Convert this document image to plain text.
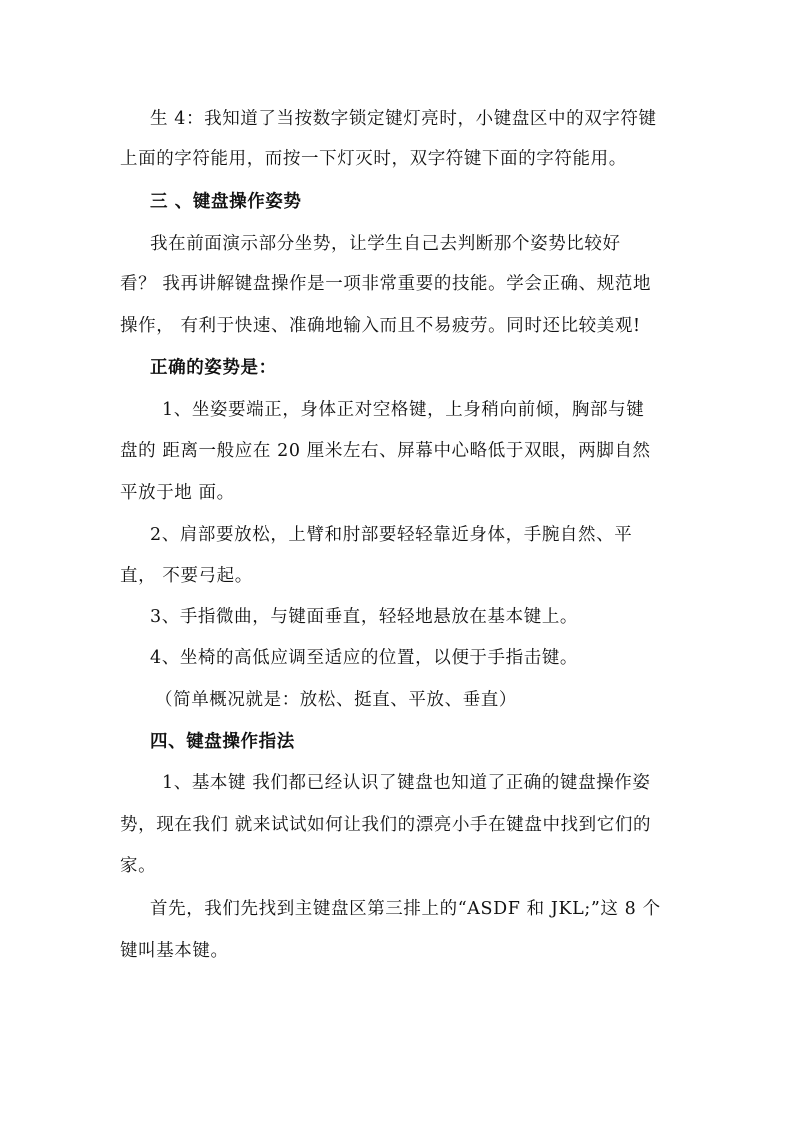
生 4：我知道了当按数字锁定键灯亮时，小键盘区中的双字符键
上面的字符能用，而按一下灯灭时，双字符键下面的字符能用。
三 、键盘操作姿势
我在前面演示部分坐势，让学生自己去判断那个姿势比较好
看？ 我再讲解键盘操作是一项非常重要的技能。学会正确、规范地
操作， 有利于快速、准确地输入而且不易疲劳。同时还比较美观!
正确的姿势是：
1、坐姿要端正，身体正对空格键，上身稍向前倾，胸部与键
盘的 距离一般应在 20 厘米左右、屏幕中心略低于双眼，两脚自然
平放于地 面。
2、肩部要放松，上臂和肘部要轻轻靠近身体，手腕自然、平
直， 不要弓起。
3、手指微曲，与键面垂直，轻轻地悬放在基本键上。
4、坐椅的高低应调至适应的位置，以便于手指击键。
（简单概况就是：放松、挺直、平放、垂直）
四、键盘操作指法
1、基本键 我们都已经认识了键盘也知道了正确的键盘操作姿
势，现在我们 就来试试如何让我们的漂亮小手在键盘中找到它们的
家。
首先，我们先找到主键盘区第三排上的“ASDF 和 JKL;”这 8 个
键叫基本键。
